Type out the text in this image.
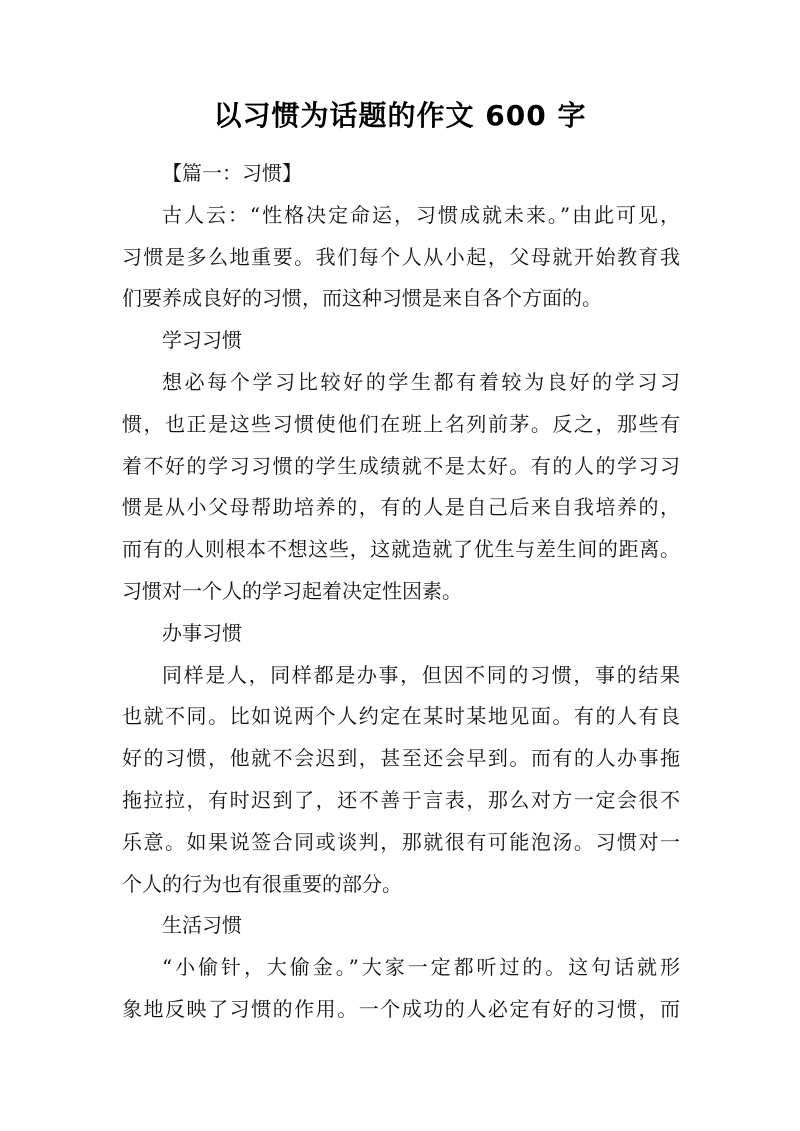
以习惯为话题的作文 600 字
【篇一：习惯】
古人云：“性格决定命运，习惯成就未来。”由此可见，
习惯是多么地重要。我们每个人从小起，父母就开始教育我
们要养成良好的习惯，而这种习惯是来自各个方面的。
学习习惯
想必每个学习比较好的学生都有着较为良好的学习习
惯，也正是这些习惯使他们在班上名列前茅。反之，那些有
着不好的学习习惯的学生成绩就不是太好。有的人的学习习
惯是从小父母帮助培养的，有的人是自己后来自我培养的，
而有的人则根本不想这些，这就造就了优生与差生间的距离。
习惯对一个人的学习起着决定性因素。
办事习惯
同样是人，同样都是办事，但因不同的习惯，事的结果
也就不同。比如说两个人约定在某时某地见面。有的人有良
好的习惯，他就不会迟到，甚至还会早到。而有的人办事拖
拖拉拉，有时迟到了，还不善于言表，那么对方一定会很不
乐意。如果说签合同或谈判，那就很有可能泡汤。习惯对一
个人的行为也有很重要的部分。
生活习惯
“小偷针，大偷金。”大家一定都听过的。这句话就形
象地反映了习惯的作用。一个成功的人必定有好的习惯，而
